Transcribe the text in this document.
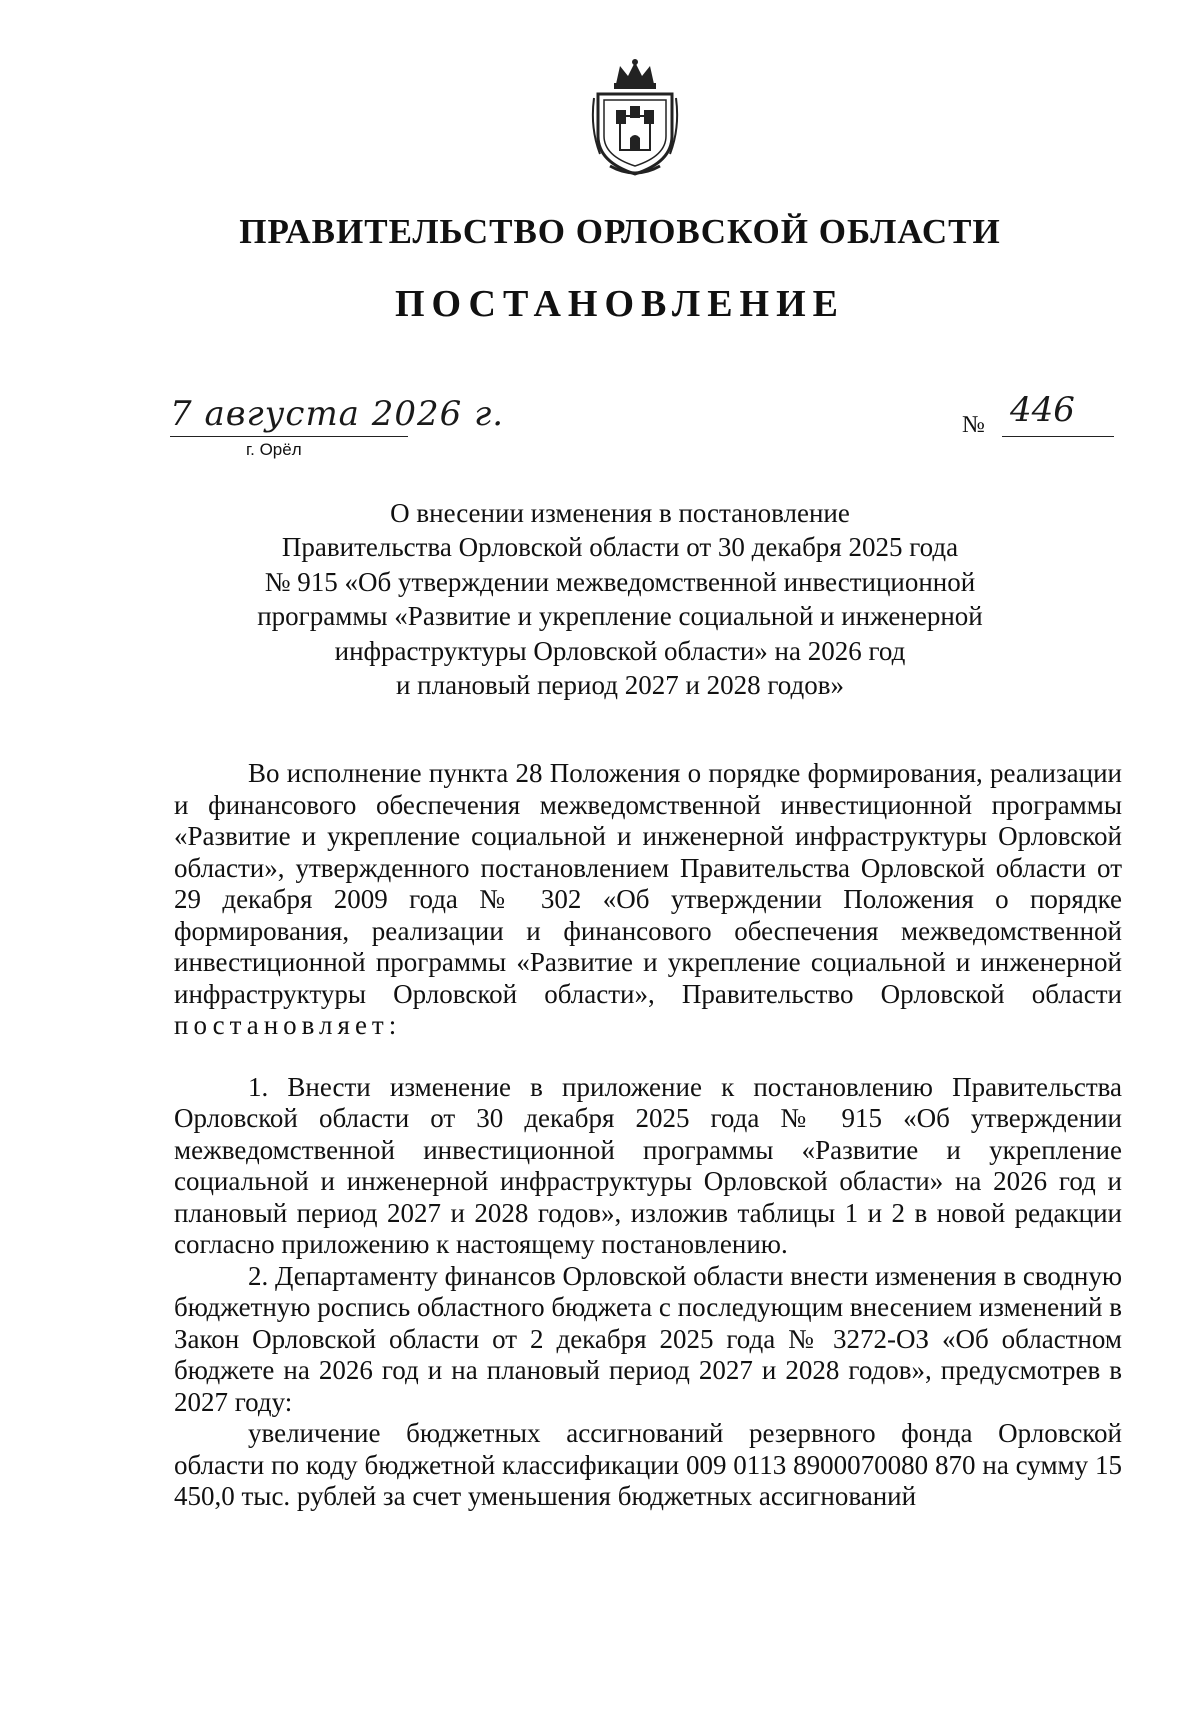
ПРАВИТЕЛЬСТВО ОРЛОВСКОЙ ОБЛАСТИ
ПОСТАНОВЛЕНИЕ
7 августа 2026 г.
г. Орёл
№ 446
О внесении изменения в постановление
Правительства Орловской области от 30 декабря 2025 года
№ 915 «Об утверждении межведомственной инвестиционной
программы «Развитие и укрепление социальной и инженерной
инфраструктуры Орловской области» на 2026 год
и плановый период 2027 и 2028 годов»

Во исполнение пункта 28 Положения о порядке формирования, реализации и финансового обеспечения межведомственной инвестиционной программы «Развитие и укрепление социальной и инженерной инфраструктуры Орловской области», утвержденного постановлением Правительства Орловской области от 29 декабря 2009 года № 302 «Об утверждении Положения о порядке формирования, реализации и финансового обеспечения межведомственной инвестиционной программы «Развитие и укрепление социальной и инженерной инфраструктуры Орловской области», Правительство Орловской области постановляет:

1. Внести изменение в приложение к постановлению Правительства Орловской области от 30 декабря 2025 года № 915 «Об утверждении межведомственной инвестиционной программы «Развитие и укрепление социальной и инженерной инфраструктуры Орловской области» на 2026 год и плановый период 2027 и 2028 годов», изложив таблицы 1 и 2 в новой редакции согласно приложению к настоящему постановлению.

2. Департаменту финансов Орловской области внести изменения в сводную бюджетную роспись областного бюджета с последующим внесением изменений в Закон Орловской области от 2 декабря 2025 года № 3272-ОЗ «Об областном бюджете на 2026 год и на плановый период 2027 и 2028 годов», предусмотрев в 2027 году:

увеличение бюджетных ассигнований резервного фонда Орловской области по коду бюджетной классификации 009 0113 8900070080 870 на сумму 15 450,0 тыс. рублей за счет уменьшения бюджетных ассигнований
